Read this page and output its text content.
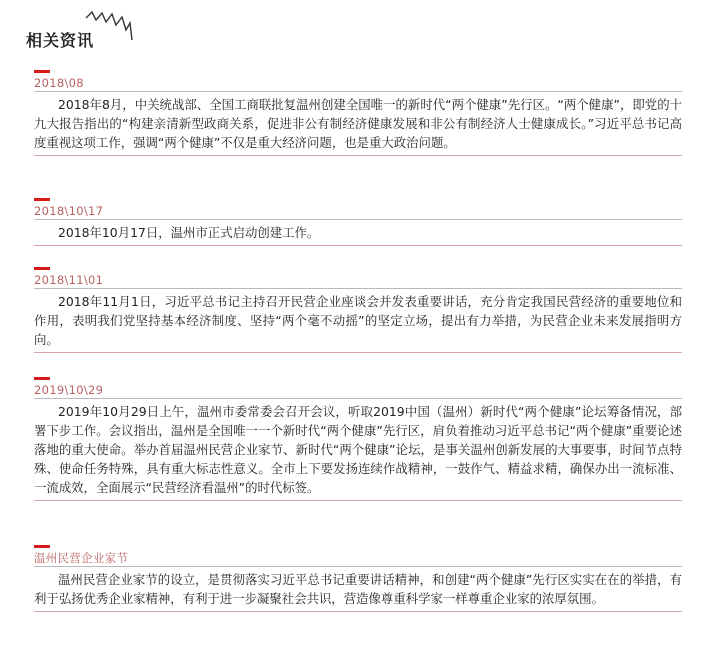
相关资讯
2018\08

2018年8月，中关统战部、全国工商联批复温州创建全国唯一的新时代“两个健康”先行区。“两个健康”，即党的十九大报告指出的“构建亲清新型政商关系，促进非公有制经济健康发展和非公有制经济人士健康成长。”习近平总书记高度重视这项工作，强调“两个健康”不仅是重大经济问题，也是重大政治问题。

2018\10\17

2018年10月17日，温州市正式启动创建工作。

2018\11\01

2018年11月1日，习近平总书记主持召开民营企业座谈会并发表重要讲话，充分肯定我国民营经济的重要地位和作用，表明我们党坚持基本经济制度、坚持“两个毫不动摇”的坚定立场，提出有力举措，为民营企业未来发展指明方向。

2019\10\29

2019年10月29日上午，温州市委常委会召开会议，听取2019中国（温州）新时代“两个健康”论坛筹备情况，部署下步工作。会议指出，温州是全国唯一一个新时代“两个健康”先行区，肩负着推动习近平总书记“两个健康”重要论述落地的重大使命。举办首届温州民营企业家节、新时代“两个健康”论坛，是事关温州创新发展的大事要事，时间节点特殊、使命任务特殊，具有重大标志性意义。全市上下要发扬连续作战精神，一鼓作气、精益求精，确保办出一流标准、一流成效，全面展示“民营经济看温州”的时代标签。

温州民营企业家节

温州民营企业家节的设立，是贯彻落实习近平总书记重要讲话精神，和创建“两个健康”先行区实实在在的举措，有利于弘扬优秀企业家精神，有利于进一步凝聚社会共识，营造像尊重科学家一样尊重企业家的浓厚氛围。
